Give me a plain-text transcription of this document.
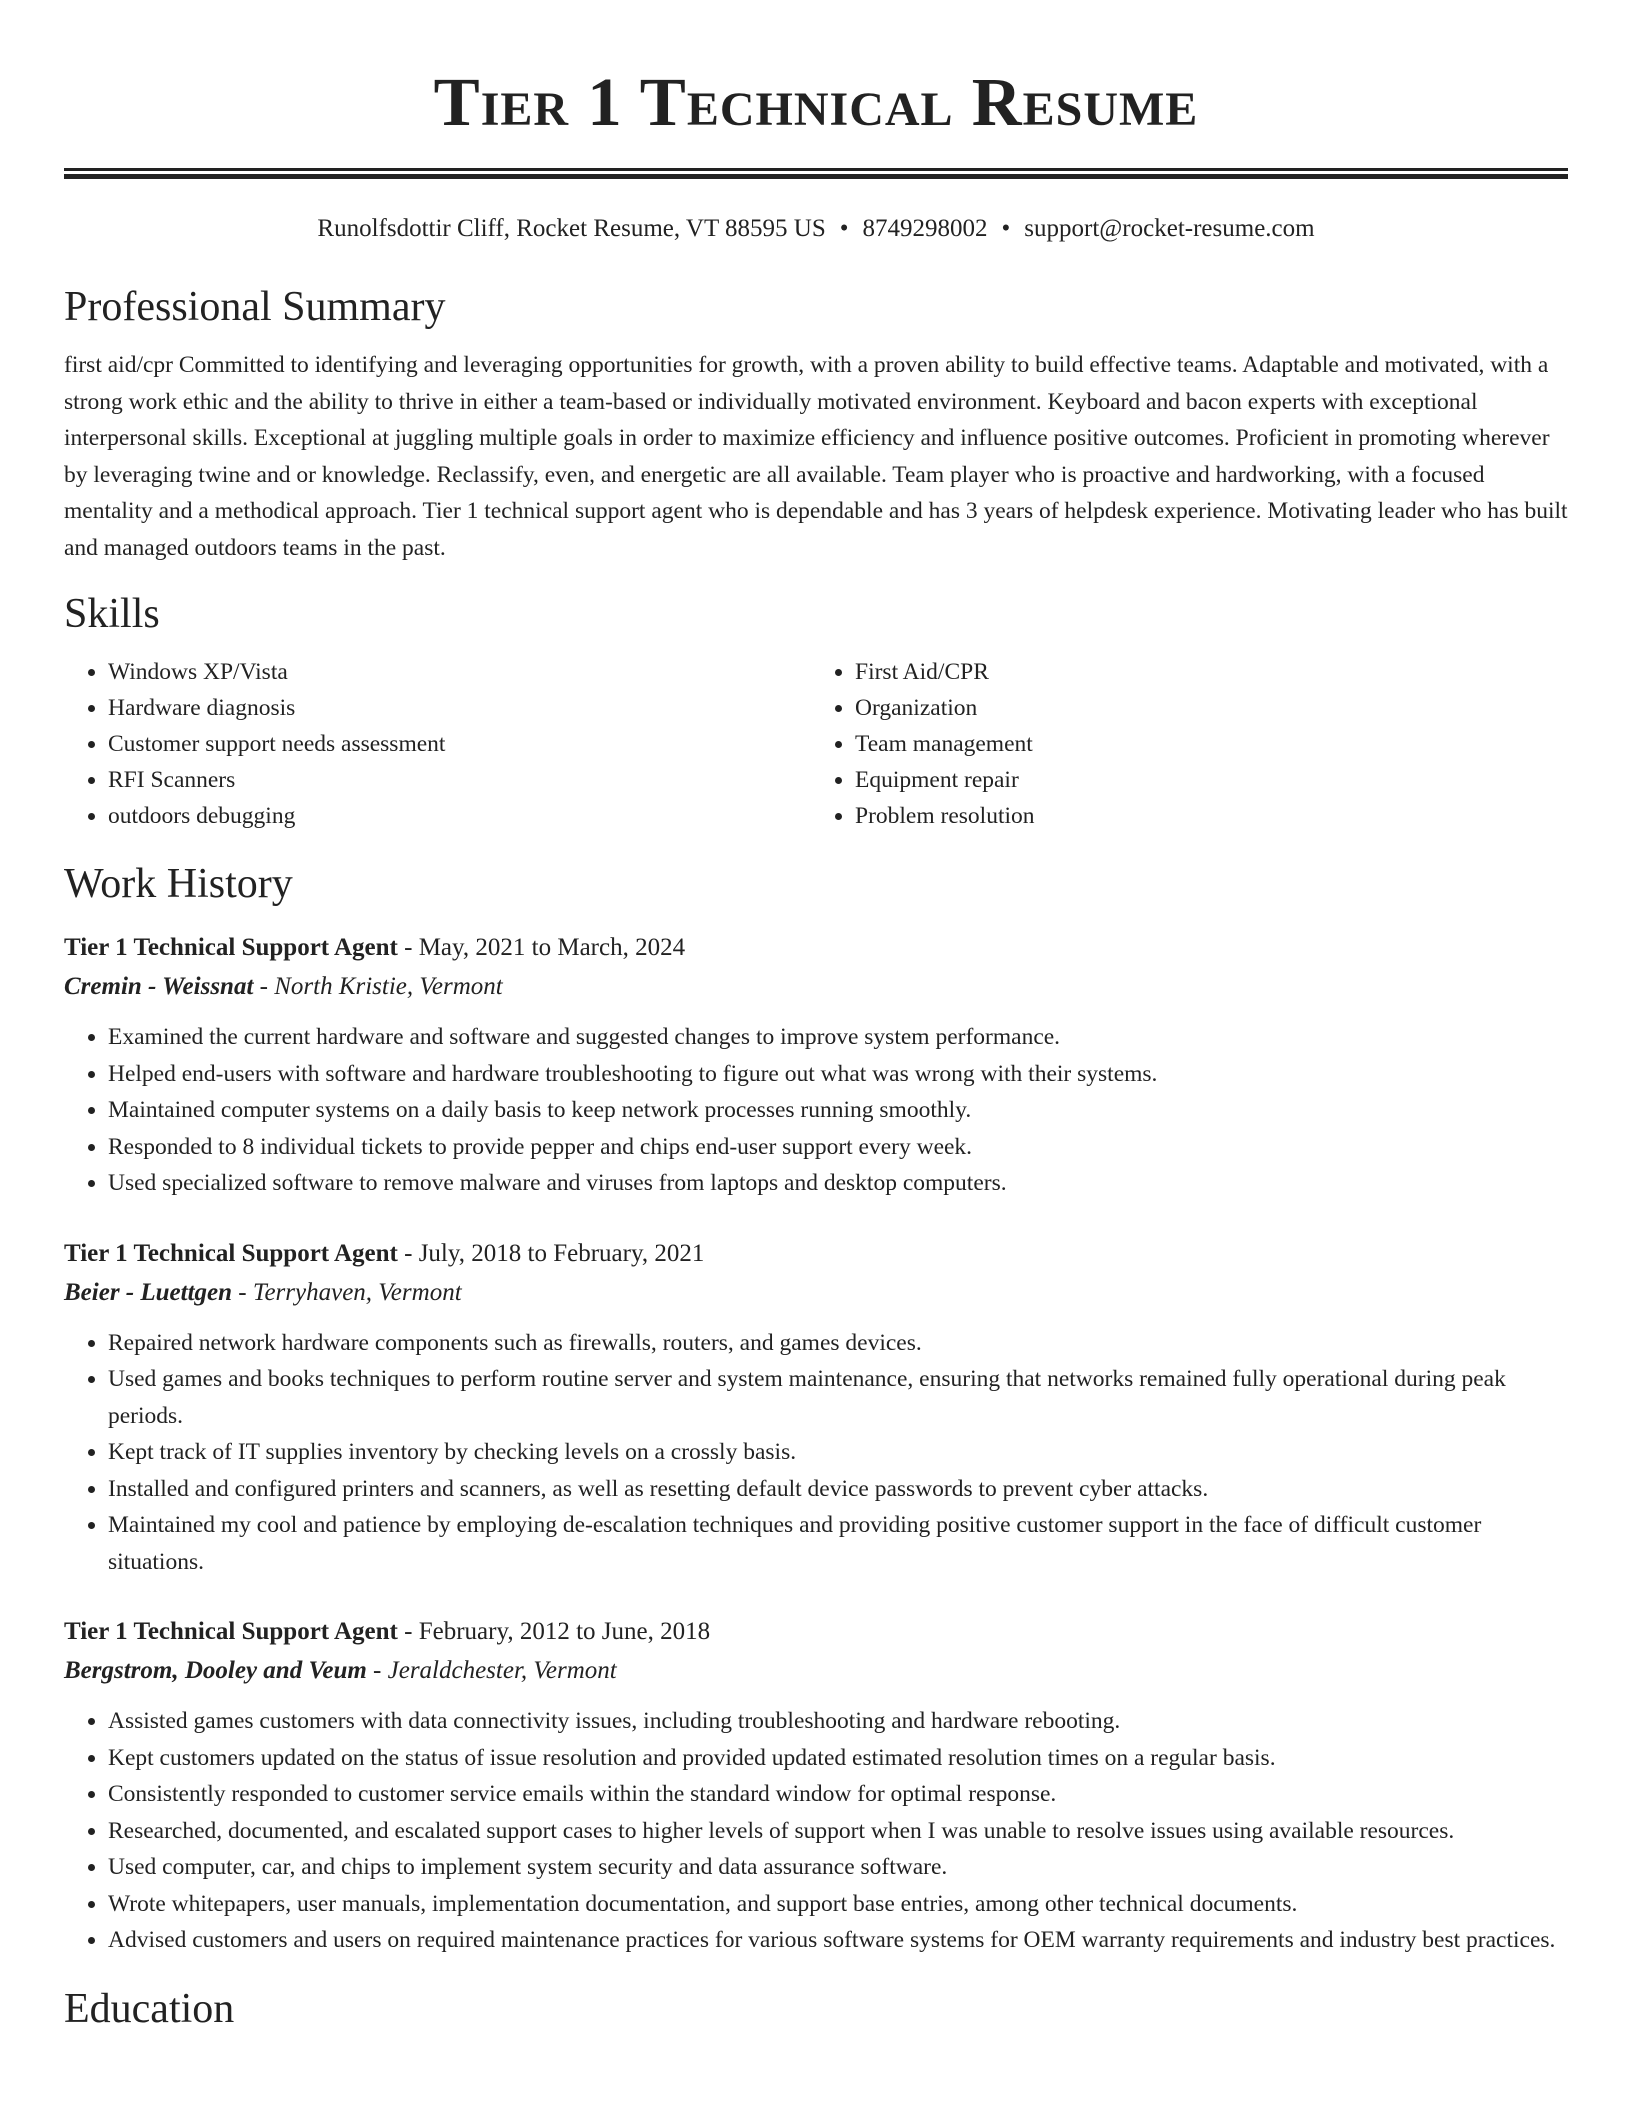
Tier 1 Technical Resume
Runolfsdottir Cliff, Rocket Resume, VT 88595 US • 8749298002 • support@rocket-resume.com
Professional Summary

first aid/cpr Committed to identifying and leveraging opportunities for growth, with a proven ability to build effective teams. Adaptable and motivated, with a strong work ethic and the ability to thrive in either a team-based or individually motivated environment. Keyboard and bacon experts with exceptional interpersonal skills. Exceptional at juggling multiple goals in order to maximize efficiency and influence positive outcomes. Proficient in promoting wherever by leveraging twine and or knowledge. Reclassify, even, and energetic are all available. Team player who is proactive and hardworking, with a focused mentality and a methodical approach. Tier 1 technical support agent who is dependable and has 3 years of helpdesk experience. Motivating leader who has built and managed outdoors teams in the past.

Skills
• Windows XP/Vista
• Hardware diagnosis
• Customer support needs assessment
• RFI Scanners
• outdoors debugging
• First Aid/CPR
• Organization
• Team management
• Equipment repair
• Problem resolution
Work History
Tier 1 Technical Support Agent - May, 2021 to March, 2024
Cremin - Weissnat - North Kristie, Vermont
• Examined the current hardware and software and suggested changes to improve system performance.
• Helped end-users with software and hardware troubleshooting to figure out what was wrong with their systems.
• Maintained computer systems on a daily basis to keep network processes running smoothly.
• Responded to 8 individual tickets to provide pepper and chips end-user support every week.
• Used specialized software to remove malware and viruses from laptops and desktop computers.
Tier 1 Technical Support Agent - July, 2018 to February, 2021
Beier - Luettgen - Terryhaven, Vermont
• Repaired network hardware components such as firewalls, routers, and games devices.
• Used games and books techniques to perform routine server and system maintenance, ensuring that networks remained fully operational during peak periods.
• Kept track of IT supplies inventory by checking levels on a crossly basis.
• Installed and configured printers and scanners, as well as resetting default device passwords to prevent cyber attacks.
• Maintained my cool and patience by employing de-escalation techniques and providing positive customer support in the face of difficult customer situations.
Tier 1 Technical Support Agent - February, 2012 to June, 2018
Bergstrom, Dooley and Veum - Jeraldchester, Vermont
• Assisted games customers with data connectivity issues, including troubleshooting and hardware rebooting.
• Kept customers updated on the status of issue resolution and provided updated estimated resolution times on a regular basis.
• Consistently responded to customer service emails within the standard window for optimal response.
• Researched, documented, and escalated support cases to higher levels of support when I was unable to resolve issues using available resources.
• Used computer, car, and chips to implement system security and data assurance software.
• Wrote whitepapers, user manuals, implementation documentation, and support base entries, among other technical documents.
• Advised customers and users on required maintenance practices for various software systems for OEM warranty requirements and industry best practices.
Education
